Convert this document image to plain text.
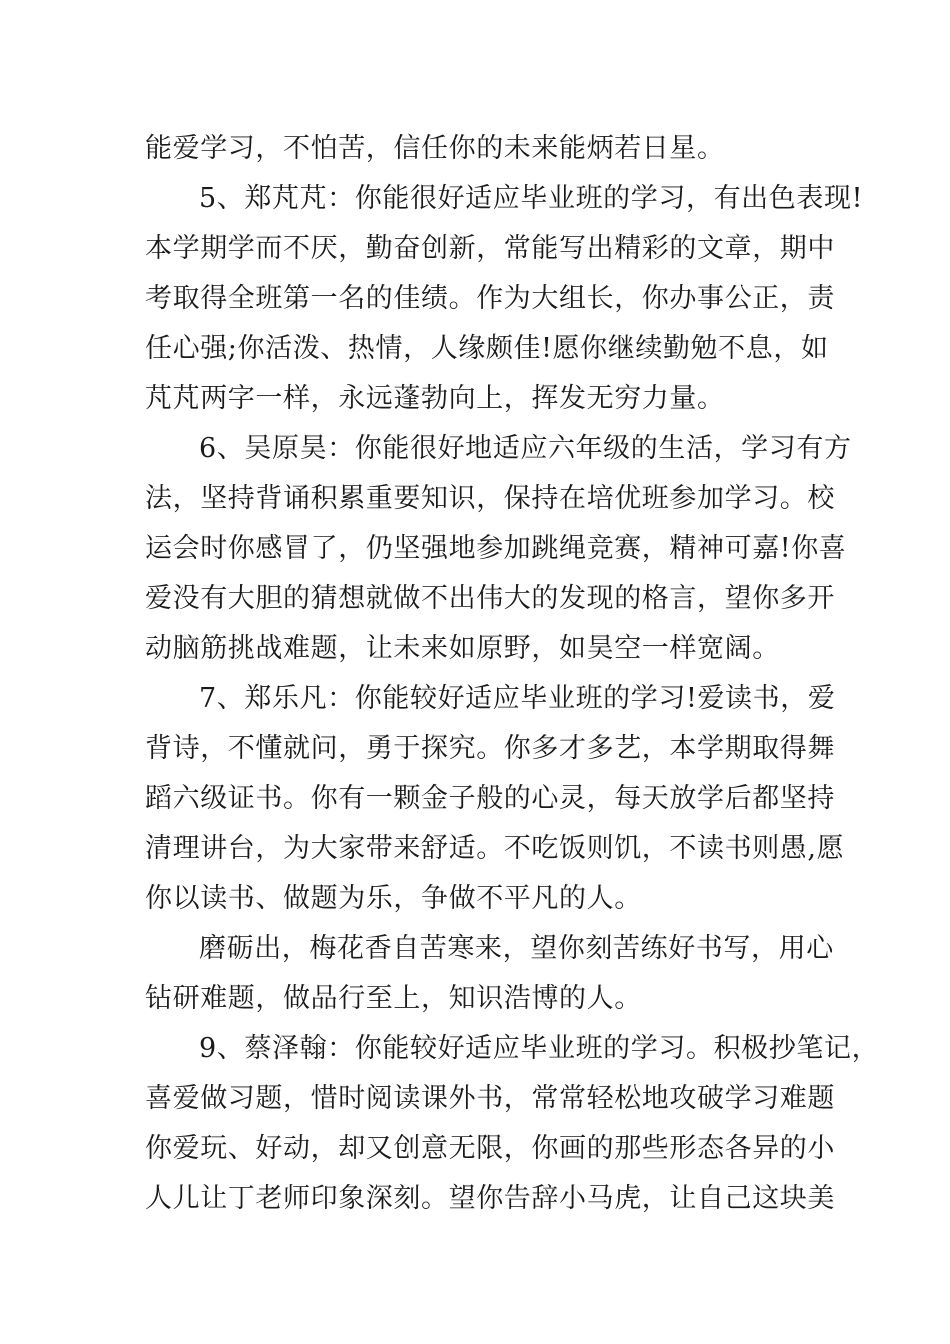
能爱学习，不怕苦，信任你的未来能炳若日星。
5、郑芃芃：你能很好适应毕业班的学习，有出色表现!
本学期学而不厌，勤奋创新，常能写出精彩的文章，期中
考取得全班第一名的佳绩。作为大组长，你办事公正，责
任心强;你活泼、热情，人缘颇佳!愿你继续勤勉不息，如
芃芃两字一样，永远蓬勃向上，挥发无穷力量。
6、吴原昊：你能很好地适应六年级的生活，学习有方
法，坚持背诵积累重要知识，保持在培优班参加学习。校
运会时你感冒了，仍坚强地参加跳绳竞赛，精神可嘉!你喜
爱没有大胆的猜想就做不出伟大的发现的格言，望你多开
动脑筋挑战难题，让未来如原野，如昊空一样宽阔。
7、郑乐凡：你能较好适应毕业班的学习!爱读书，爱
背诗，不懂就问，勇于探究。你多才多艺，本学期取得舞
蹈六级证书。你有一颗金子般的心灵，每天放学后都坚持
清理讲台，为大家带来舒适。不吃饭则饥，不读书则愚,愿
你以读书、做题为乐，争做不平凡的人。
磨砺出，梅花香自苦寒来，望你刻苦练好书写，用心
钻研难题，做品行至上，知识浩博的人。
9、蔡泽翰：你能较好适应毕业班的学习。积极抄笔记，
喜爱做习题，惜时阅读课外书，常常轻松地攻破学习难题
你爱玩、好动，却又创意无限，你画的那些形态各异的小
人儿让丁老师印象深刻。望你告辞小马虎，让自己这块美
